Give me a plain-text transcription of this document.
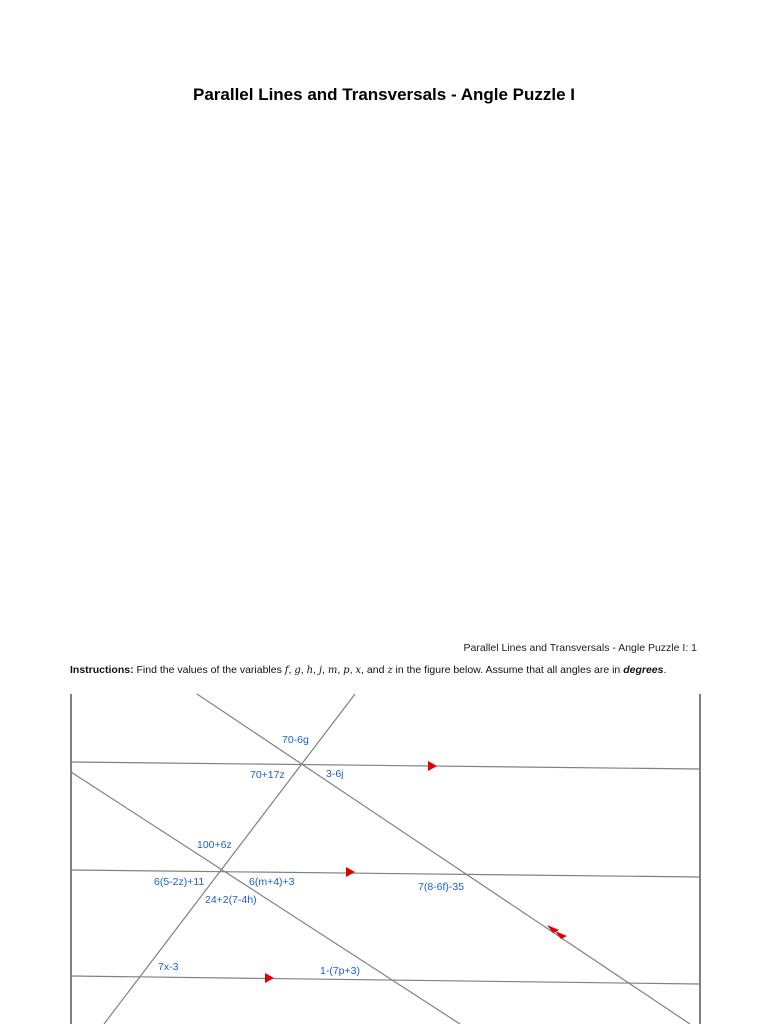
Parallel Lines and Transversals - Angle Puzzle I
Parallel Lines and Transversals - Angle Puzzle I: 1
Instructions: Find the values of the variables f, g, h, j, m, p, x, and z in the figure below. Assume that all angles are in degrees.
70-6g
70+17z	3-6j
100+6z
6(5-2z)+11	6(m+4)+3
24+2(7-4h)
7(8-6f)-35
7x-3	1-(7p+3)
